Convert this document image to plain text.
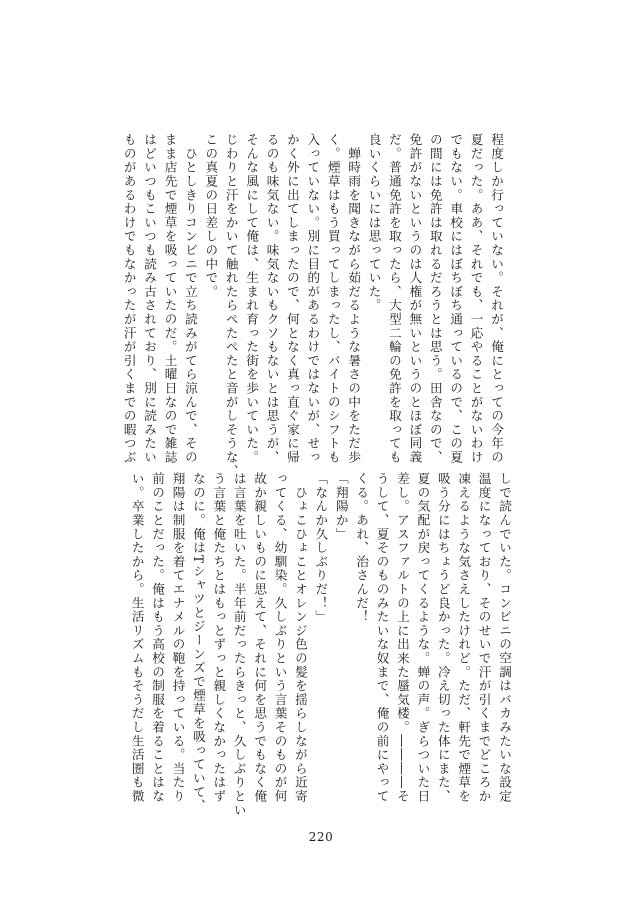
程度しか行っていない。それが、俺にとっての今年の
夏だった。ああ、それでも、一応やることがないわけ
でもない。車校にはぼちぼち通っているので、この夏
の間には免許は取れるだろうとは思う。田舎なので、
免許がないというのは人権が無いというのとほぼ同義
だ。普通免許を取ったら、大型二輪の免許を取っても
良いくらいには思っていた。
　蝉時雨を聞きながら茹だるような暑さの中をただ歩
く。煙草はもう買ってしまったし、バイトのシフトも
入っていない。別に目的があるわけではないが、せっ
かく外に出てしまったので、何となく真っ直ぐ家に帰
るのも味気ない。味気ないもクソもないとは思うが、
そんな風にして俺は、生まれ育った街を歩いていた。
じわりと汗をかいて触れたらぺたぺたと音がしそうな、
この真夏の日差しの中で。
　ひとしきりコンビニで立ち読みがてら涼んで、その
まま店先で煙草を吸っていたのだ。土曜日なので雑誌
はどいつもこいつも読み古されており、別に読みたい
ものがあるわけでもなかったが汗が引くまでの暇つぶ
しで読んでいた。コンビニの空調はバカみたいな設定
温度になっており、そのせいで汗が引くまでどころか
凍えるような気さえしたけれど。ただ、軒先で煙草を
吸う分にはちょうど良かった。冷え切った体にまた、
夏の気配が戻ってくるような。蝉の声。ぎらついた日
差し。アスファルトの上に出来た蜃気楼。――――そ
うして、夏そのものみたいな奴まで、俺の前にやって
くる。あれ、治さんだ！
「翔陽か」
「なんか久しぶりだ！」
　ひょこひょことオレンジ色の髪を揺らしながら近寄
ってくる、幼馴染。久しぶりという言葉そのものが何
故か親しいものに思えて、それに何を思うでもなく俺
は言葉を吐いた。半年前だったらきっと、久しぶりとい
う言葉と俺たちとはもっとずっと親しくなかったはず
なのに。俺はTシャツとジーンズで煙草を吸っていて、
翔陽は制服を着てエナメルの鞄を持っている。当たり
前のことだった。俺はもう高校の制服を着ることはな
い。卒業したから。生活リズムもそうだし生活圏も微
220
